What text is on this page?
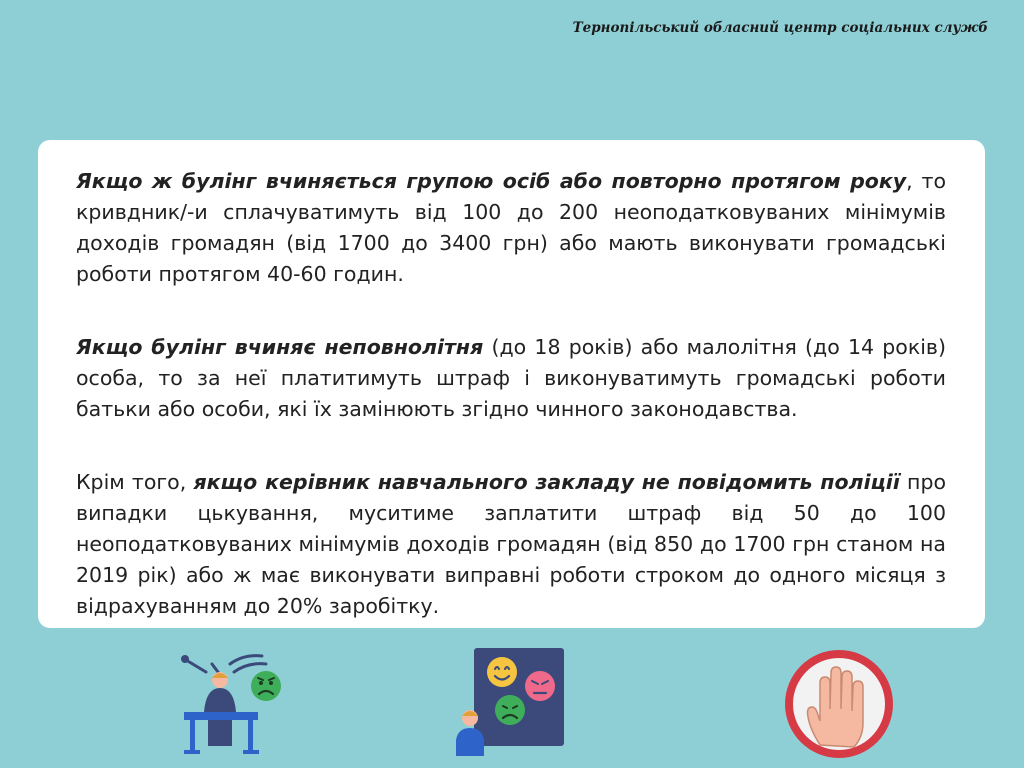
Тернопільський обласний центр соціальних служб

Якщо ж булінг вчиняється групою осіб або повторно протягом року, то кривдник/-и сплачуватимуть від 100 до 200 неоподатковуваних мінімумів доходів громадян (від 1700 до 3400 грн) або мають виконувати громадські роботи протягом 40-60 годин.

Якщо булінг вчиняє неповнолітня (до 18 років) або малолітня (до 14 років) особа, то за неї платитимуть штраф і виконуватимуть громадські роботи батьки або особи, які їх замінюють згідно чинного законодавства.

Крім того, якщо керівник навчального закладу не повідомить поліції про випадки цькування, муситиме заплатити штраф від 50 до 100 неоподатковуваних мінімумів доходів громадян (від 850 до 1700 грн станом на 2019 рік) або ж має виконувати виправні роботи строком до одного місяця з відрахуванням до 20% заробітку.
